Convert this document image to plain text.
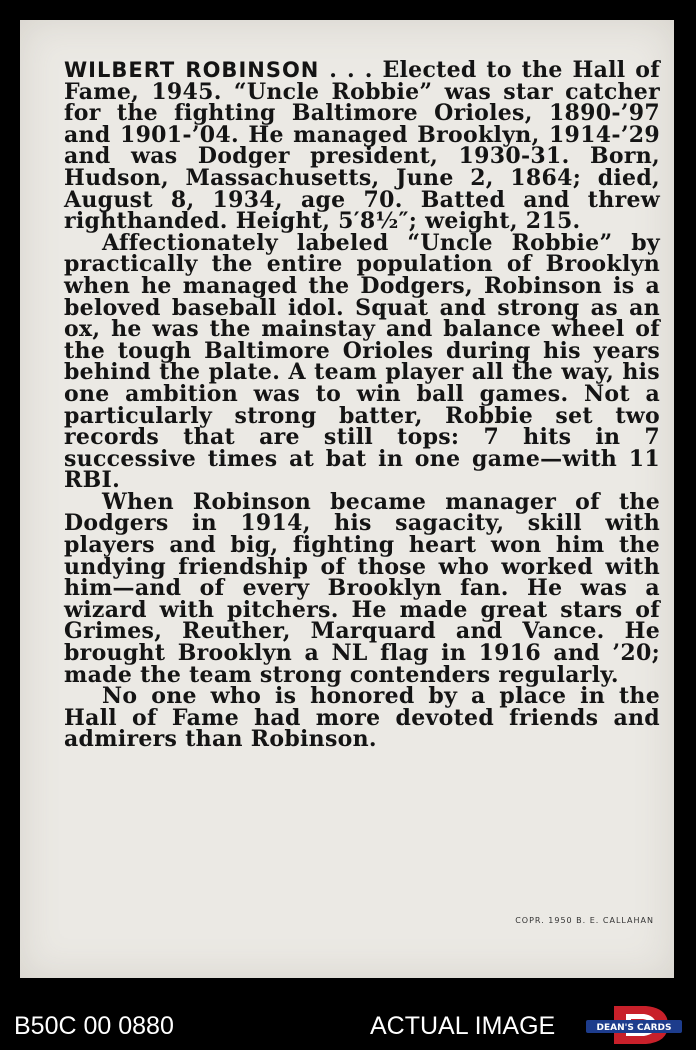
WILBERT ROBINSON . . . Elected to the Hall of Fame, 1945. “Uncle Robbie” was star catcher for the fighting Baltimore Orioles, 1890-’97 and 1901-’04. He managed Brooklyn, 1914-’29 and was Dodger president, 1930-31. Born, Hudson, Massachusetts, June 2, 1864; died, August 8, 1934, age 70. Batted and threw righthanded. Height, 5′8½″; weight, 215.

Affectionately labeled “Uncle Robbie” by practically the entire population of Brooklyn when he managed the Dodgers, Robinson is a beloved baseball idol. Squat and strong as an ox, he was the mainstay and balance wheel of the tough Baltimore Orioles during his years behind the plate. A team player all the way, his one ambition was to win ball games. Not a particularly strong batter, Robbie set two records that are still tops: 7 hits in 7 successive times at bat in one game—with 11 RBI.

When Robinson became manager of the Dodgers in 1914, his sagacity, skill with players and big, fighting heart won him the undying friendship of those who worked with him—and of every Brooklyn fan. He was a wizard with pitchers. He made great stars of Grimes, Reuther, Marquard and Vance. He brought Brooklyn a NL flag in 1916 and ’20; made the team strong contenders regularly.

No one who is honored by a place in the Hall of Fame had more devoted friends and admirers than Robinson.

COPR. 1950 B. E. CALLAHAN
B50C 00 0880	ACTUAL IMAGE	DEAN'S CARDS
